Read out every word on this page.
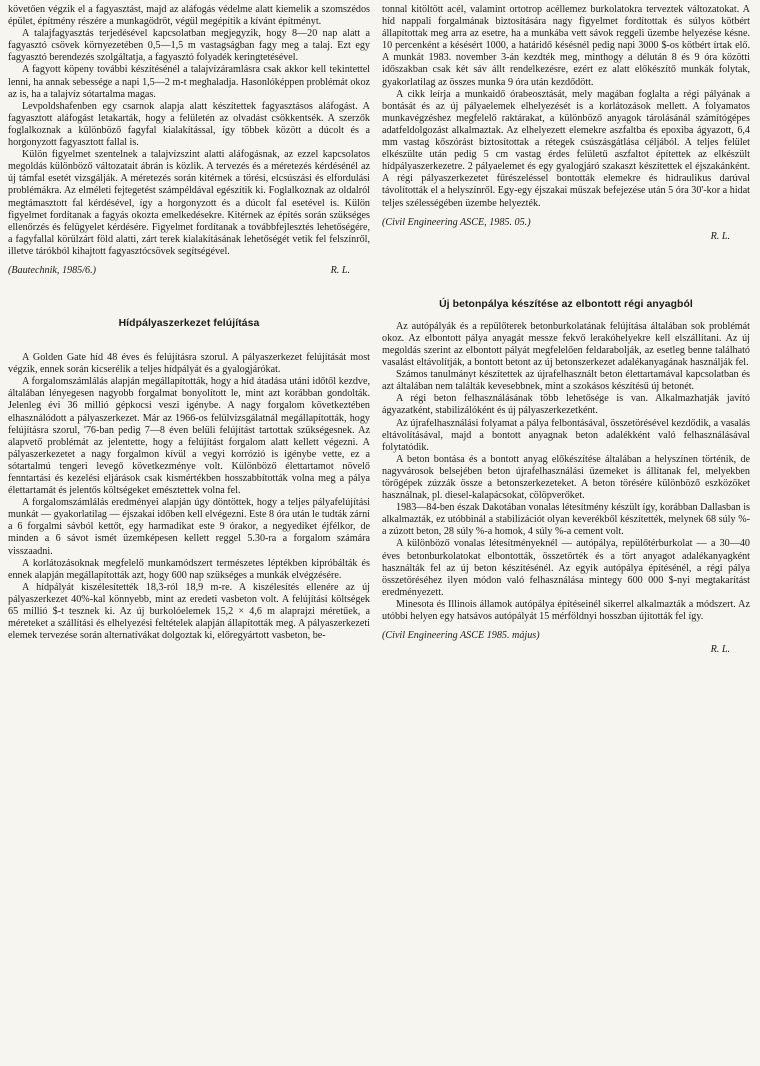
követően végzik el a fagyasztást, majd az aláfogás védelme alatt kiemelik a szomszédos épület, építmény részére a munkagödröt, végül megépítik a kívánt építményt.

A talajfagyasztás terjedésével kapcsolatban megjegyzik, hogy 8—20 nap alatt a fagyasztó csövek környezetében 0,5—1,5 m vastagságban fagy meg a talaj. Ezt egy fagyasztó berendezés szolgáltatja, a fagyasztó folyadék keringtetésével.

A fagyott köpeny további készítésénél a talajvízáramlásra csak akkor kell tekintettel lenni, ha annak sebessége a napi 1,5—2 m-t meghaladja. Hasonlóképpen problémát okoz az is, ha a talajvíz sótartalma magas.

Levpoldshafenben egy csarnok alapja alatt készítettek fagyasztásos aláfogást. A fagyasztott aláfogást letakarták, hogy a felületén az olvadást csökkentsék. A szerzők foglalkoznak a különböző fagyfal kialakítással, így többek között a dúcolt és a horgonyzott fagyasztott fallal is.

Külön figyelmet szentelnek a talajvízszint alatti aláfogásnak, az ezzel kapcsolatos megoldás különböző változatait ábrán is közlik. A tervezés és a méretezés kérdésénél az új támfal esetét vizsgálják. A méretezés során kitérnek a törési, elcsúszási és elfordulási problémákra. Az elméleti fejtegetést számpéldával egészítik ki. Foglalkoznak az oldalról megtámasztott fal kérdésével, így a horgonyzott és a dúcolt fal esetével is. Külön figyelmet fordítanak a fagyás okozta emelkedésekre. Kitérnek az építés során szükséges ellenőrzés és felügyelet kérdésére. Figyelmet fordítanak a továbbfejlesztés lehetőségére, a fagyfallal körülzárt föld alatti, zárt terek kialakításának lehetőségét vetik fel felszínről, illetve tárókból kihajtott fagyasztócsövek segítségével.

(Bautechnik, 1985/6.)	R. L.
Hídpályaszerkezet felújítása

A Golden Gate híd 48 éves és felújításra szorul. A pályaszerkezet felújítását most végzik, ennek során kicserélik a teljes hídpályát és a gyalogjárókat.

A forgalomszámlálás alapján megállapították, hogy a híd átadása utáni időtől kezdve, általában lényegesen nagyobb forgalmat bonyolított le, mint azt korábban gondolták. Jelenleg évi 36 millió gépkocsi veszi igénybe. A nagy forgalom következtében elhasználódott a pályaszerkezet. Már az 1966-os felülvizsgálatnál megállapították, hogy felújításra szorul, '76-ban pedig 7—8 éven belüli felújítást tartottak szükségesnek. Az alapvető problémát az jelentette, hogy a felújítást forgalom alatt kellett végezni. A pályaszerkezetet a nagy forgalmon kívül a vegyi korrózió is igénybe vette, ez a sótartalmú tengeri levegő következménye volt. Különböző élettartamot növelő fenntartási és kezelési eljárások csak kismértékben hosszabbították volna meg a pálya élettartamát és jelentős költségeket emésztettek volna fel.

A forgalomszámlálás eredményei alapján úgy döntöttek, hogy a teljes pályafelújítási munkát — gyakorlatilag — éjszakai időben kell elvégezni. Este 8 óra után le tudták zárni a 6 forgalmi sávból kettőt, egy harmadikat este 9 órakor, a negyediket éjfélkor, de minden a 6 sávot ismét üzemképesen kellett reggel 5.30-ra a forgalom számára visszaadni.

A korlátozásoknak megfelelő munkamódszert természetes léptékben kipróbálták és ennek alapján megállapították azt, hogy 600 nap szükséges a munkák elvégzésére.

A hídpályát kiszélesítették 18,3-ról 18,9 m-re. A kiszélesítés ellenére az új pályaszerkezet 40%-kal könnyebb, mint az eredeti vasbeton volt. A felújítási költségek 65 millió $-t tesznek ki. Az új burkolóelemek 15,2 × 4,6 m alaprajzi méretűek, a méreteket a szállítási és elhelyezési feltételek alapján állapították meg. A pályaszerkezeti elemek tervezése során alternatívákat dolgoztak ki, előregyártott vasbeton, be-

tonnal kitöltött acél, valamint ortotrop acéllemez burkolatokra terveztek változatokat. A híd nappali forgalmának biztosítására nagy figyelmet fordítottak és súlyos kötbért állapítottak meg arra az esetre, ha a munkába vett sávok reggeli üzembe helyezése késne. 10 percenként a késésért 1000, a határidő késésnél pedig napi 3000 $-os kötbért írtak elő. A munkát 1983. november 3-án kezdték meg, minthogy a délután 8 és 9 óra közötti időszakban csak két sáv állt rendelkezésre, ezért ez alatt előkészítő munkák folytak, gyakorlatilag az összes munka 9 óra után kezdődött.

A cikk leírja a munkaidő órabeosztását, mely magában foglalta a régi pályának a bontását és az új pályaelemek elhelyezését is a korlátozások mellett. A folyamatos munkavégzéshez megfelelő raktárakat, a különböző anyagok tárolásánál számítógépes adatfeldolgozást alkalmaztak. Az elhelyezett elemekre aszfaltba és epoxiba ágyazott, 6,4 mm vastag kőszórást biztosítottak a rétegek csúszásgátlása céljából. A teljes felület elkészülte után pedig 5 cm vastag érdes felületű aszfaltot építettek az elkészült hídpályaszerkezetre. 2 pályaelemet és egy gyalogjáró szakaszt készítettek el éjszakánként. A régi pályaszerkezetet fűrészeléssel bontották elemekre és hidraulikus darúval távolították el a helyszínről. Egy-egy éjszakai műszak befejezése után 5 óra 30'-kor a hidat teljes szélességében üzembe helyezték.

(Civil Engineering ASCE, 1985. 05.)
R. L.
Új betonpálya készítése az elbontott régi anyagból

Az autópályák és a repülőterek betonburkolatának felújítása általában sok problémát okoz. Az elbontott pálya anyagát messze fekvő lerakóhelyekre kell elszállítani. Az új megoldás szerint az elbontott pályát megfelelően feldarabolják, az esetleg benne található vasalást eltávolítják, a bontott betont az új betonszerkezet adalékanyagának használják fel.

Számos tanulmányt készítettek az újrafelhasznált beton élettartamával kapcsolatban és azt általában nem találták kevesebbnek, mint a szokásos készítésű új betonét.

A régi beton felhasználásának több lehetősége is van. Alkalmazhatják javító ágyazatként, stabilizálóként és új pályaszerkezetként.

Az újrafelhasználási folyamat a pálya felbontásával, összetörésével kezdődik, a vasalás eltávolításával, majd a bontott anyagnak beton adalékként való felhasználásával folytatódik.

A beton bontása és a bontott anyag előkészítése általában a helyszínen történik, de nagyvárosok belsejében beton újrafelhasználási üzemeket is állítanak fel, melyekben törőgépek zúzzák össze a betonszerkezeteket. A beton törésére különböző eszközöket használnak, pl. diesel-kalapácsokat, cölöpverőket.

1983—84-ben észak Dakotában vonalas létesítmény készült így, korábban Dallasban is alkalmazták, ez utóbbinál a stabilizációt olyan keverékből készítették, melynek 68 súly %-a zúzott beton, 28 súly %-a homok, 4 súly %-a cement volt.

A különböző vonalas létesítményeknél — autópálya, repülőtérburkolat — a 30—40 éves betonburkolatokat elbontották, összetörték és a tört anyagot adalékanyagként használták fel az új beton készítésénél. Az egyik autópálya építésénél, a régi pálya összetöréséhez ilyen módon való felhasználása mintegy 600 000 $-nyi megtakarítást eredményezett.

Minesota és Illinois államok autópálya építéseinél sikerrel alkalmazták a módszert. Az utóbbi helyen egy hatsávos autópályát 15 mérföldnyi hosszban újították fel így.

(Civil Engineering ASCE 1985. május)
R. L.
